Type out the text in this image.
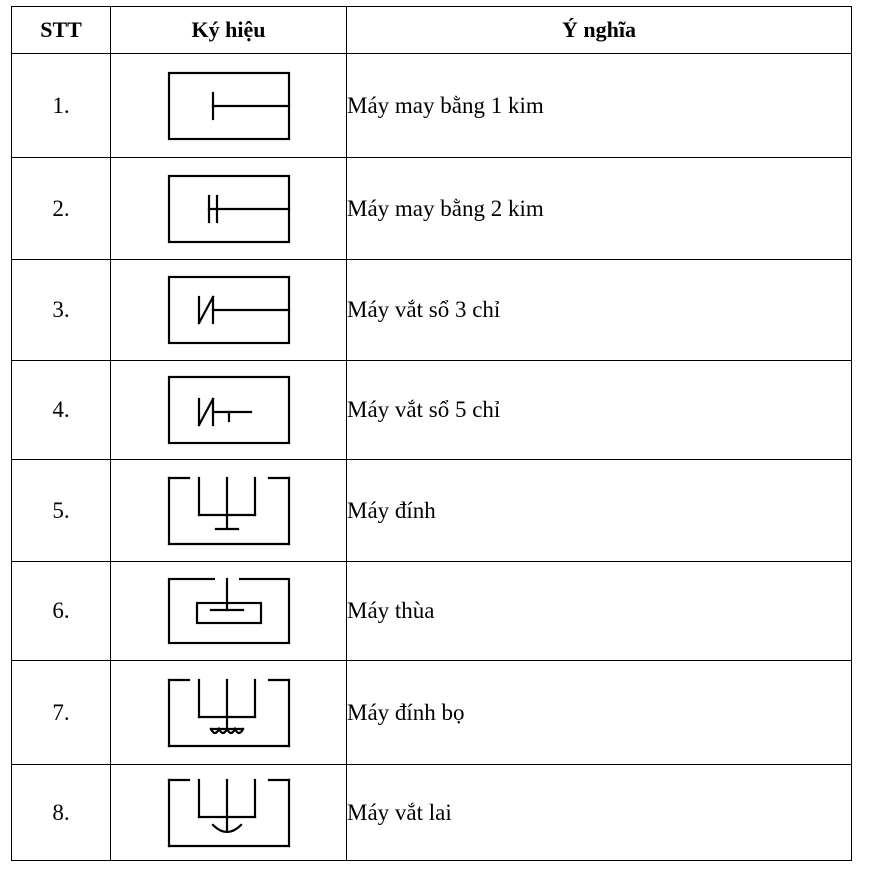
STT	Ký hiệu	Ý nghĩa
1.		Máy may bằng 1 kim
2.		Máy may bằng 2 kim
3.		Máy vắt sổ 3 chỉ
4.		Máy vắt sổ 5 chỉ
5.		Máy đính
6.		Máy thùa
7.		Máy đính bọ
8.		Máy vắt lai
